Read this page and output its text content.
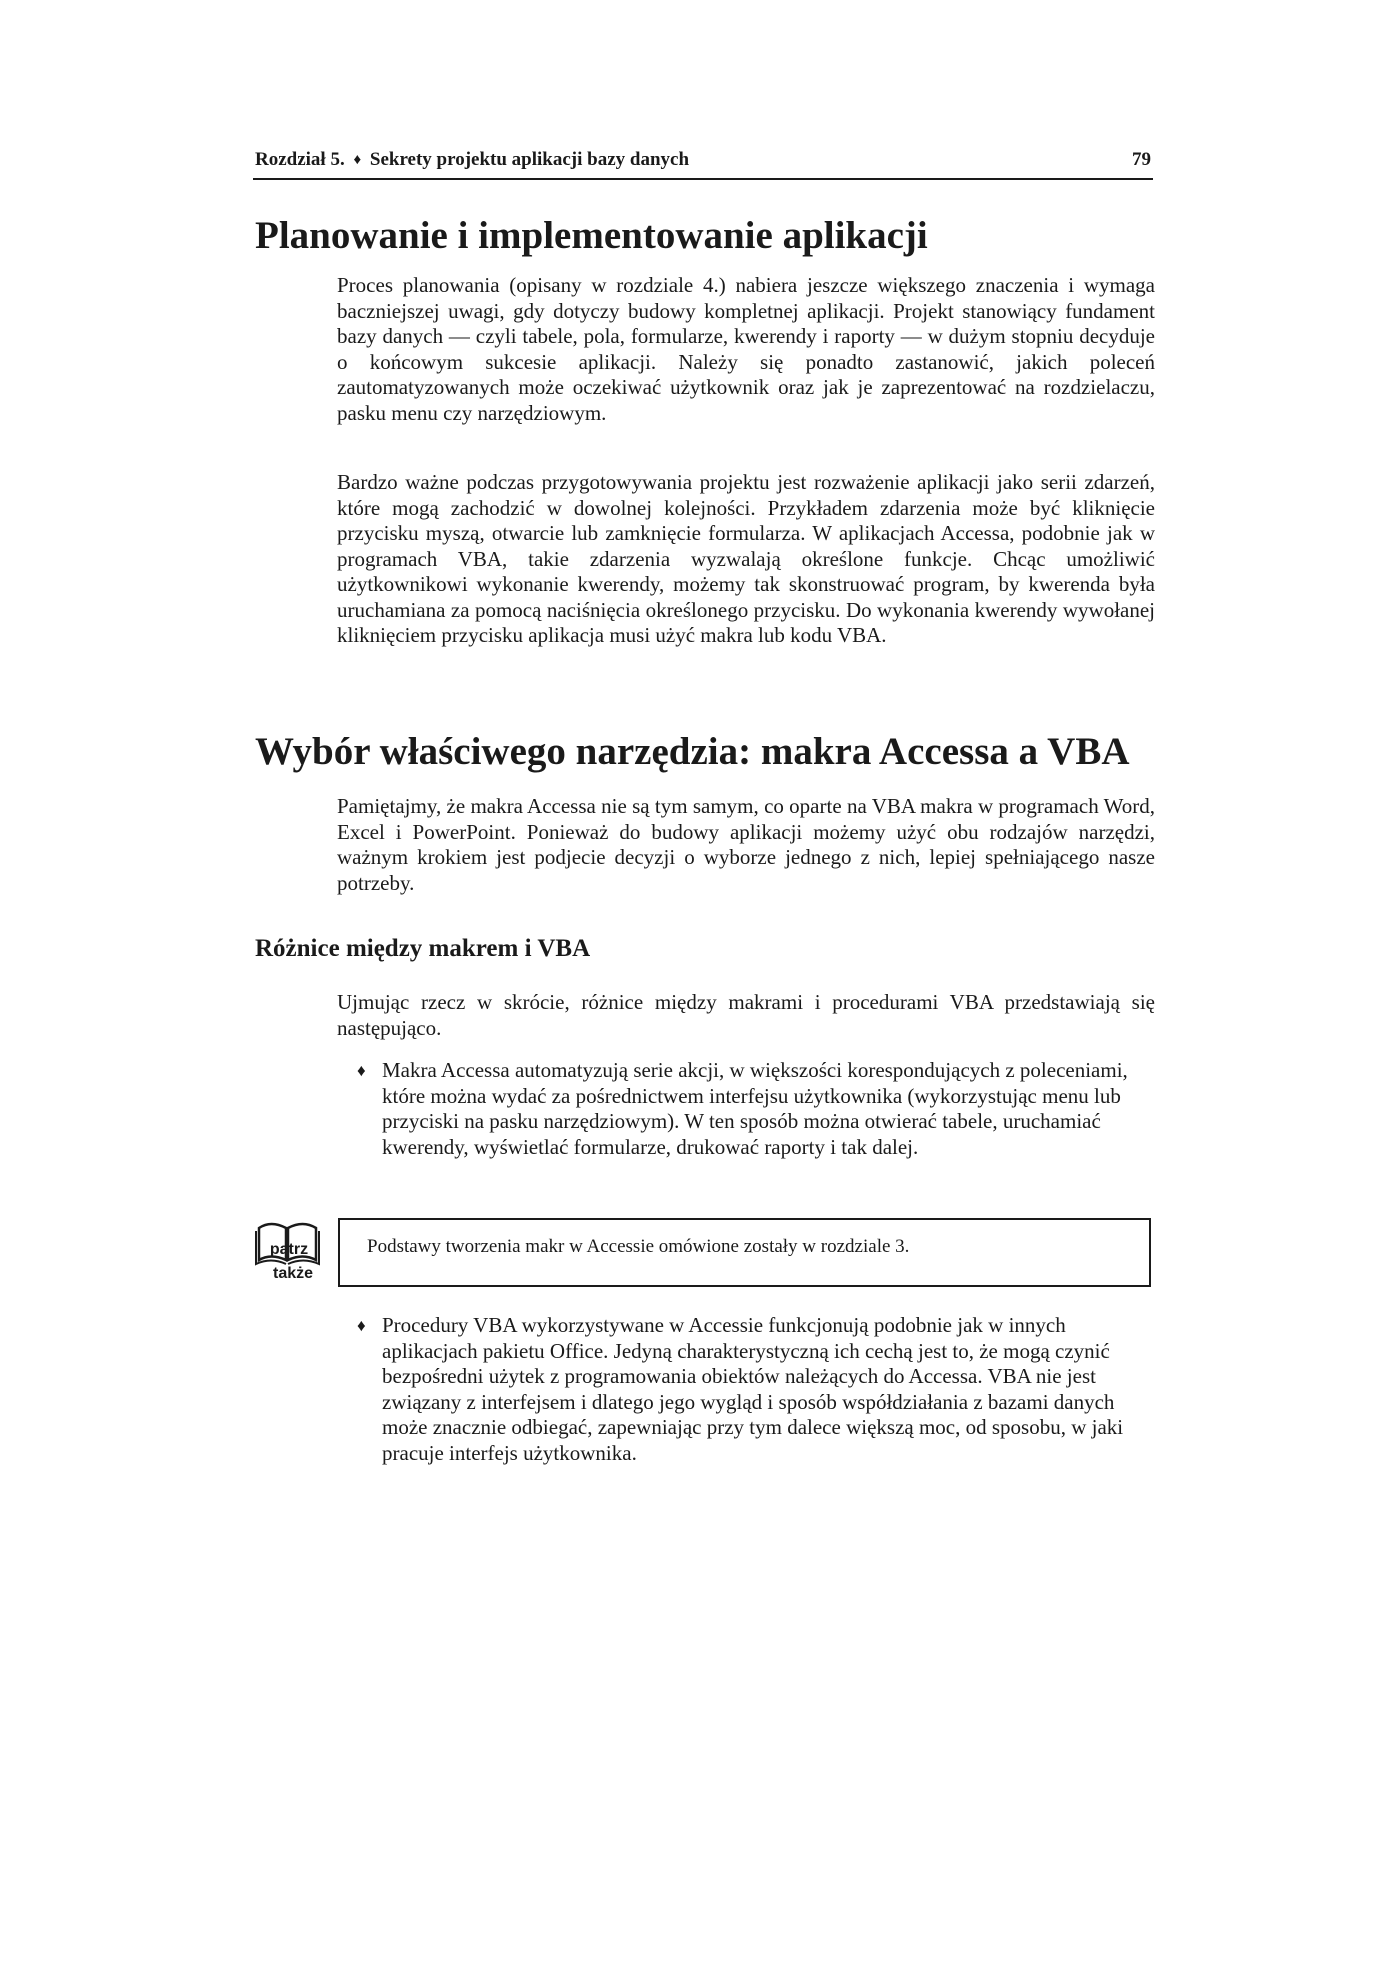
Rozdział 5. ♦ Sekrety projektu aplikacji bazy danych	79
Planowanie i implementowanie aplikacji

Proces planowania (opisany w rozdziale 4.) nabiera jeszcze większego znaczenia i wymaga baczniejszej uwagi, gdy dotyczy budowy kompletnej aplikacji. Projekt stanowiący fundament bazy danych — czyli tabele, pola, formularze, kwerendy i raporty — w dużym stopniu decyduje o końcowym sukcesie aplikacji. Należy się ponadto zastanowić, jakich poleceń zautomatyzowanych może oczekiwać użytkownik oraz jak je zaprezentować na rozdzielaczu, pasku menu czy narzędziowym.

Bardzo ważne podczas przygotowywania projektu jest rozważenie aplikacji jako serii zdarzeń, które mogą zachodzić w dowolnej kolejności. Przykładem zdarzenia może być kliknięcie przycisku myszą, otwarcie lub zamknięcie formularza. W aplikacjach Accessa, podobnie jak w programach VBA, takie zdarzenia wyzwalają określone funkcje. Chcąc umożliwić użytkownikowi wykonanie kwerendy, możemy tak skonstruować program, by kwerenda była uruchamiana za pomocą naciśnięcia określonego przycisku. Do wykonania kwerendy wywołanej kliknięciem przycisku aplikacja musi użyć makra lub kodu VBA.

Wybór właściwego narzędzia: makra Accessa a VBA

Pamiętajmy, że makra Accessa nie są tym samym, co oparte na VBA makra w programach Word, Excel i PowerPoint. Ponieważ do budowy aplikacji możemy użyć obu rodzajów narzędzi, ważnym krokiem jest podjecie decyzji o wyborze jednego z nich, lepiej spełniającego nasze potrzeby.

Różnice między makrem i VBA

Ujmując rzecz w skrócie, różnice między makrami i procedurami VBA przedstawiają się następująco.

♦ Makra Accessa automatyzują serie akcji, w większości korespondujących z poleceniami, które można wydać za pośrednictwem interfejsu użytkownika (wykorzystując menu lub przyciski na pasku narzędziowym). W ten sposób można otwierać tabele, uruchamiać kwerendy, wyświetlać formularze, drukować raporty i tak dalej.
patrz
także
Podstawy tworzenia makr w Accessie omówione zostały w rozdziale 3.
♦ Procedury VBA wykorzystywane w Accessie funkcjonują podobnie jak w innych aplikacjach pakietu Office. Jedyną charakterystyczną ich cechą jest to, że mogą czynić bezpośredni użytek z programowania obiektów należących do Accessa. VBA nie jest związany z interfejsem i dlatego jego wygląd i sposób współdziałania z bazami danych może znacznie odbiegać, zapewniając przy tym dalece większą moc, od sposobu, w jaki pracuje interfejs użytkownika.
